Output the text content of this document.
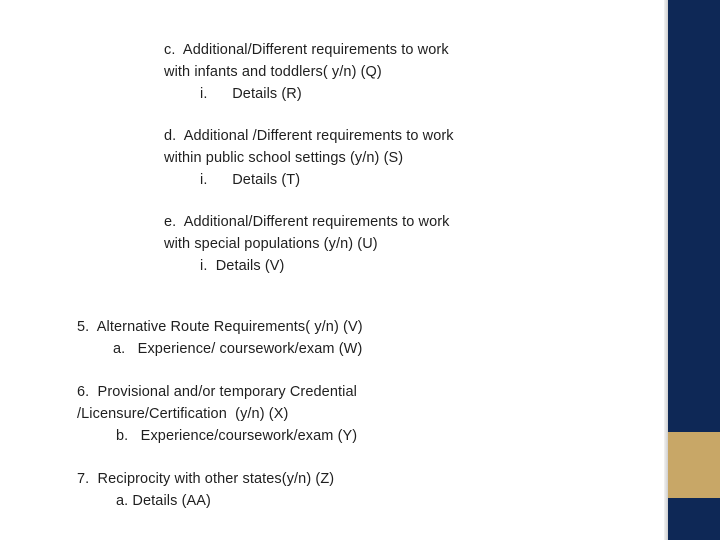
c.  Additional/Different requirements to work
with infants and toddlers( y/n) (Q)
i.      Details (R)
d.  Additional /Different requirements to work
within public school settings (y/n) (S)
i.      Details (T)
e.  Additional/Different requirements to work
with special populations (y/n) (U)
i.  Details (V)
5.  Alternative Route Requirements( y/n) (V)
a.   Experience/ coursework/exam (W)
6.  Provisional and/or temporary Credential
/Licensure/Certification  (y/n) (X)
b.   Experience/coursework/exam (Y)
7.  Reciprocity with other states(y/n) (Z)
a. Details (AA)
